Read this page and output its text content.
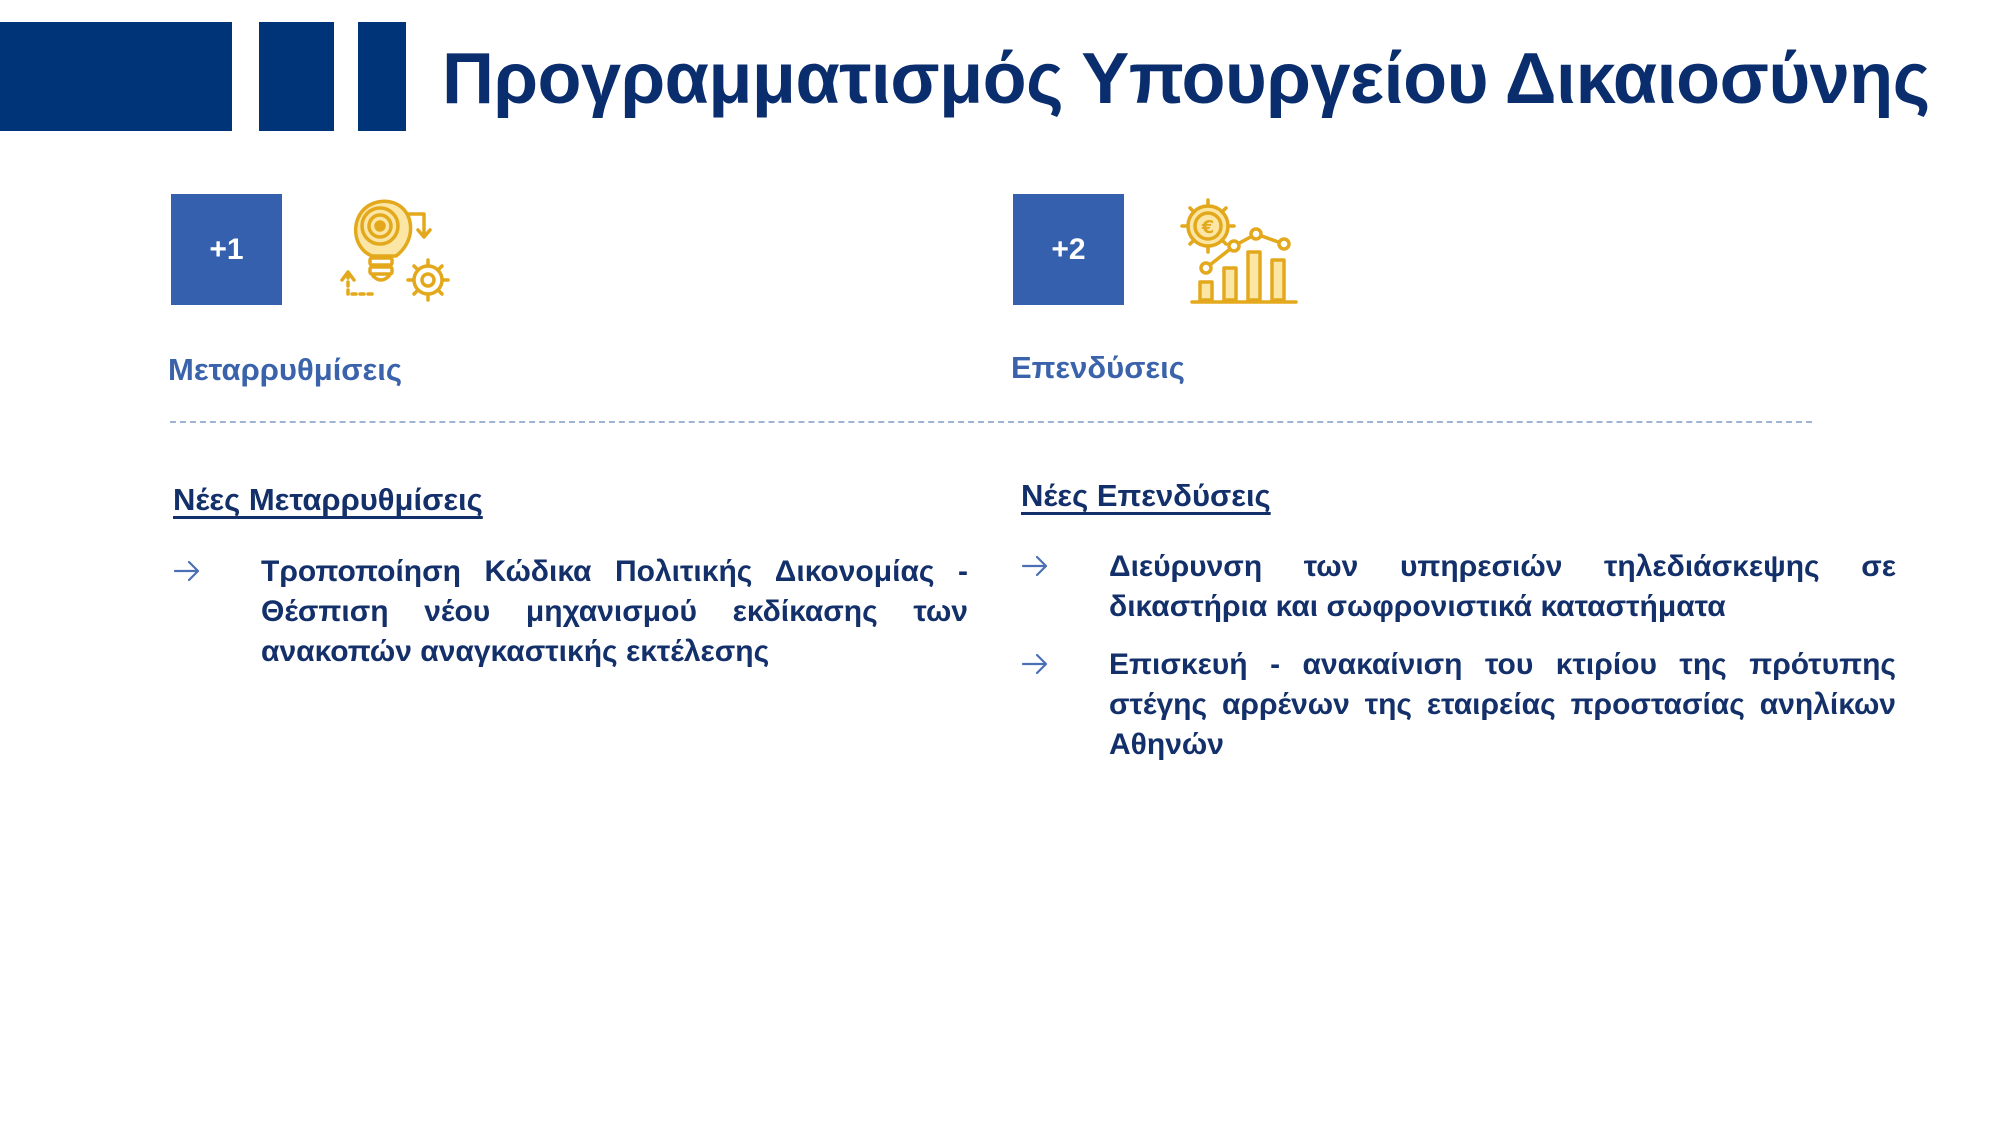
Προγραμματισμός Υπουργείου Δικαιοσύνης
+1
Μεταρρυθμίσεις
+2
€
Επενδύσεις
Νέες Μεταρρυθμίσεις
Τροποποίηση Κώδικα Πολιτικής Δικονομίας - Θέσπιση νέου μηχανισμού εκδίκασης των ανακοπών αναγκαστικής εκτέλεσης
Νέες Επενδύσεις
Διεύρυνση των υπηρεσιών τηλεδιάσκεψης σε δικαστήρια και σωφρονιστικά καταστήματα
Επισκευή - ανακαίνιση του κτιρίου της πρότυπης στέγης αρρένων της εταιρείας προστασίας ανηλίκων Αθηνών
